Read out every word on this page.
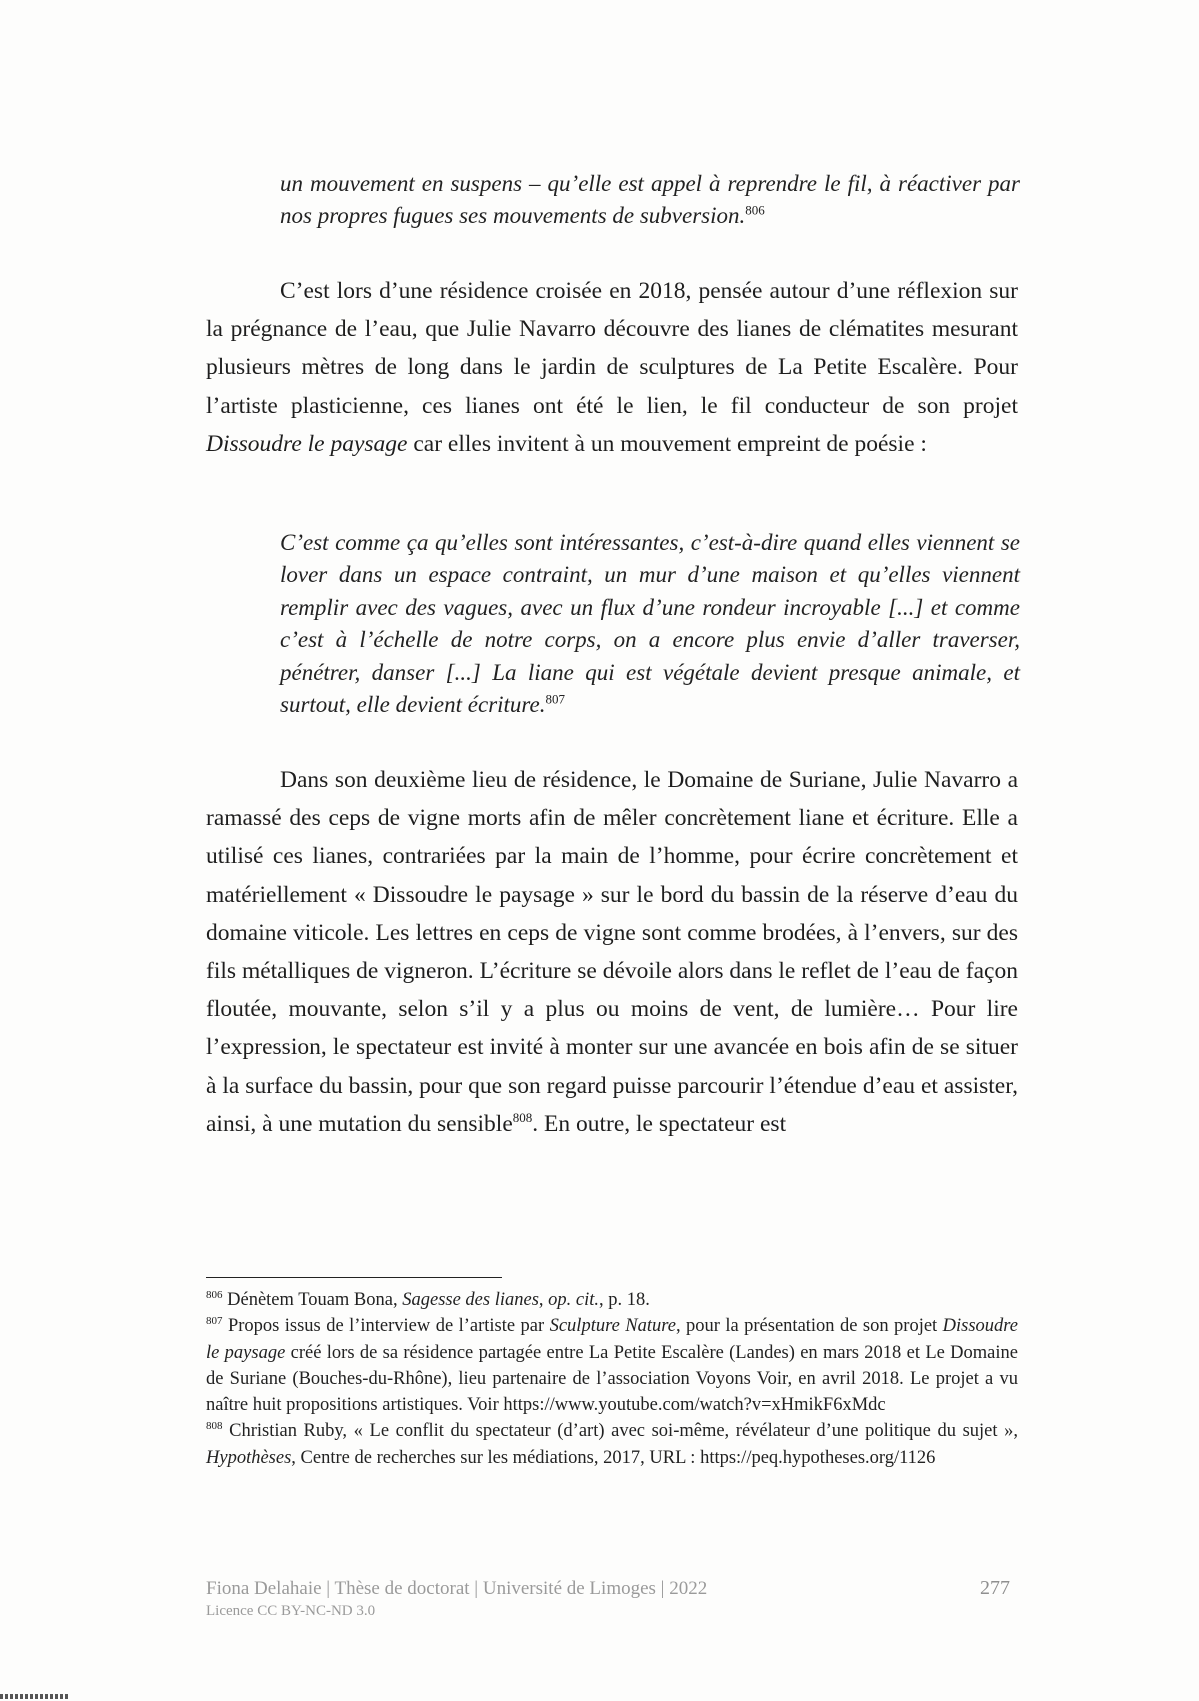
un mouvement en suspens – qu’elle est appel à reprendre le fil, à réactiver par nos propres fugues ses mouvements de subversion.$^{806}$

C’est lors d’une résidence croisée en 2018, pensée autour d’une réflexion sur la prégnance de l’eau, que Julie Navarro découvre des lianes de clématites mesurant plusieurs mètres de long dans le jardin de sculptures de La Petite Escalère. Pour l’artiste plasticienne, ces lianes ont été le lien, le fil conducteur de son projet Dissoudre le paysage car elles invitent à un mouvement empreint de poésie :

C’est comme ça qu’elles sont intéressantes, c’est-à-dire quand elles viennent se lover dans un espace contraint, un mur d’une maison et qu’elles viennent remplir avec des vagues, avec un flux d’une rondeur incroyable [...] et comme c’est à l’échelle de notre corps, on a encore plus envie d’aller traverser, pénétrer, danser [...] La liane qui est végétale devient presque animale, et surtout, elle devient écriture.$^{807}$

Dans son deuxième lieu de résidence, le Domaine de Suriane, Julie Navarro a ramassé des ceps de vigne morts afin de mêler concrètement liane et écriture. Elle a utilisé ces lianes, contrariées par la main de l’homme, pour écrire concrètement et matériellement « Dissoudre le paysage » sur le bord du bassin de la réserve d’eau du domaine viticole. Les lettres en ceps de vigne sont comme brodées, à l’envers, sur des fils métalliques de vigneron. L’écriture se dévoile alors dans le reflet de l’eau de façon floutée, mouvante, selon s’il y a plus ou moins de vent, de lumière… Pour lire l’expression, le spectateur est invité à monter sur une avancée en bois afin de se situer à la surface du bassin, pour que son regard puisse parcourir l’étendue d’eau et assister, ainsi, à une mutation du sensible$^{808}$. En outre, le spectateur est

$^{806}$ Dénètem Touam Bona, Sagesse des lianes, op. cit., p. 18.

$^{807}$ Propos issus de l’interview de l’artiste par Sculpture Nature, pour la présentation de son projet Dissoudre le paysage créé lors de sa résidence partagée entre La Petite Escalère (Landes) en mars 2018 et Le Domaine de Suriane (Bouches-du-Rhône), lieu partenaire de l’association Voyons Voir, en avril 2018. Le projet a vu naître huit propositions artistiques. Voir https://www.youtube.com/watch?v=xHmikF6xMdc

$^{808}$ Christian Ruby, « Le conflit du spectateur (d’art) avec soi-même, révélateur d’une politique du sujet », Hypothèses, Centre de recherches sur les médiations, 2017, URL : https://peq.hypotheses.org/1126

Fiona Delahaie | Thèse de doctorat | Université de Limoges | 2022
Licence CC BY-NC-ND 3.0
277
